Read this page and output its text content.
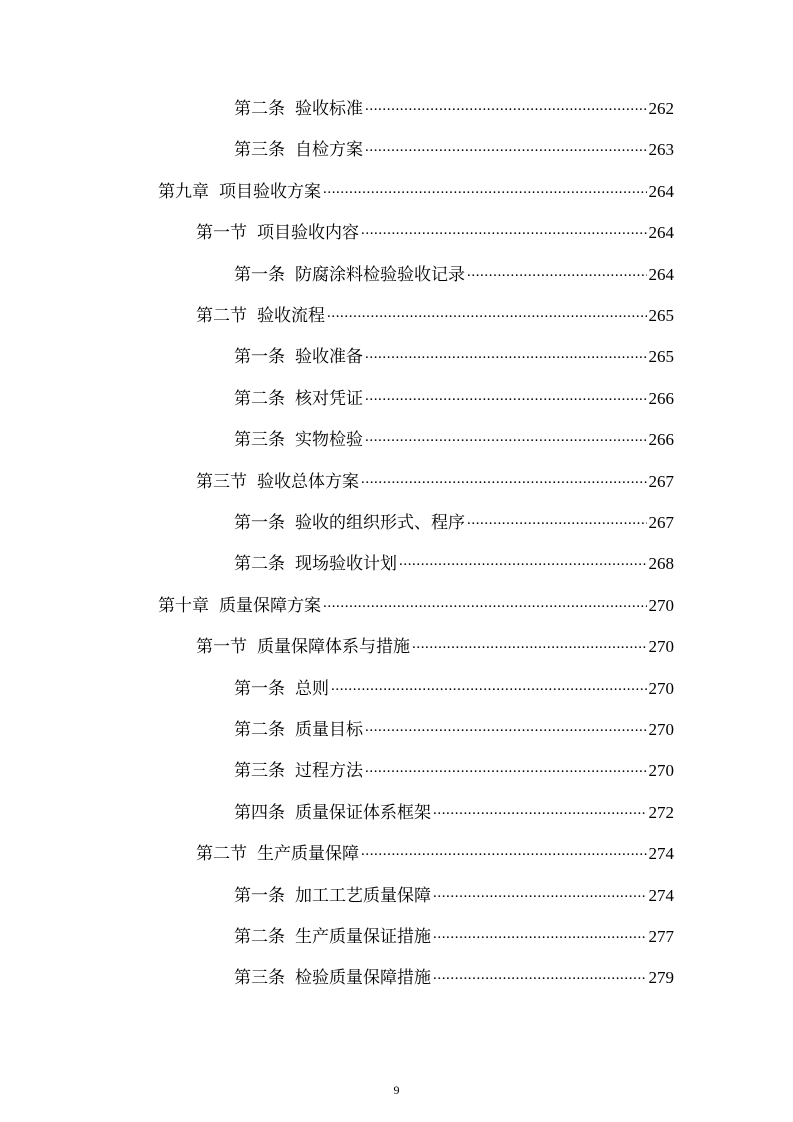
第二条 验收标准 .....	262
第三条 自检方案 .....	263
第九章 项目验收方案 .....	264
第一节 项目验收内容 .....	264
第一条 防腐涂料检验验收记录 .....	264
第二节 验收流程 .....	265
第一条 验收准备 .....	265
第二条 核对凭证 .....	266
第三条 实物检验 .....	266
第三节 验收总体方案 .....	267
第一条 验收的组织形式、程序 .....	267
第二条 现场验收计划 .....	268
第十章 质量保障方案 .....	270
第一节 质量保障体系与措施 .....	270
第一条 总则 .....	270
第二条 质量目标 .....	270
第三条 过程方法 .....	270
第四条 质量保证体系框架 .....	272
第二节 生产质量保障 .....	274
第一条 加工工艺质量保障 .....	274
第二条 生产质量保证措施 .....	277
第三条 检验质量保障措施 .....	279
9
